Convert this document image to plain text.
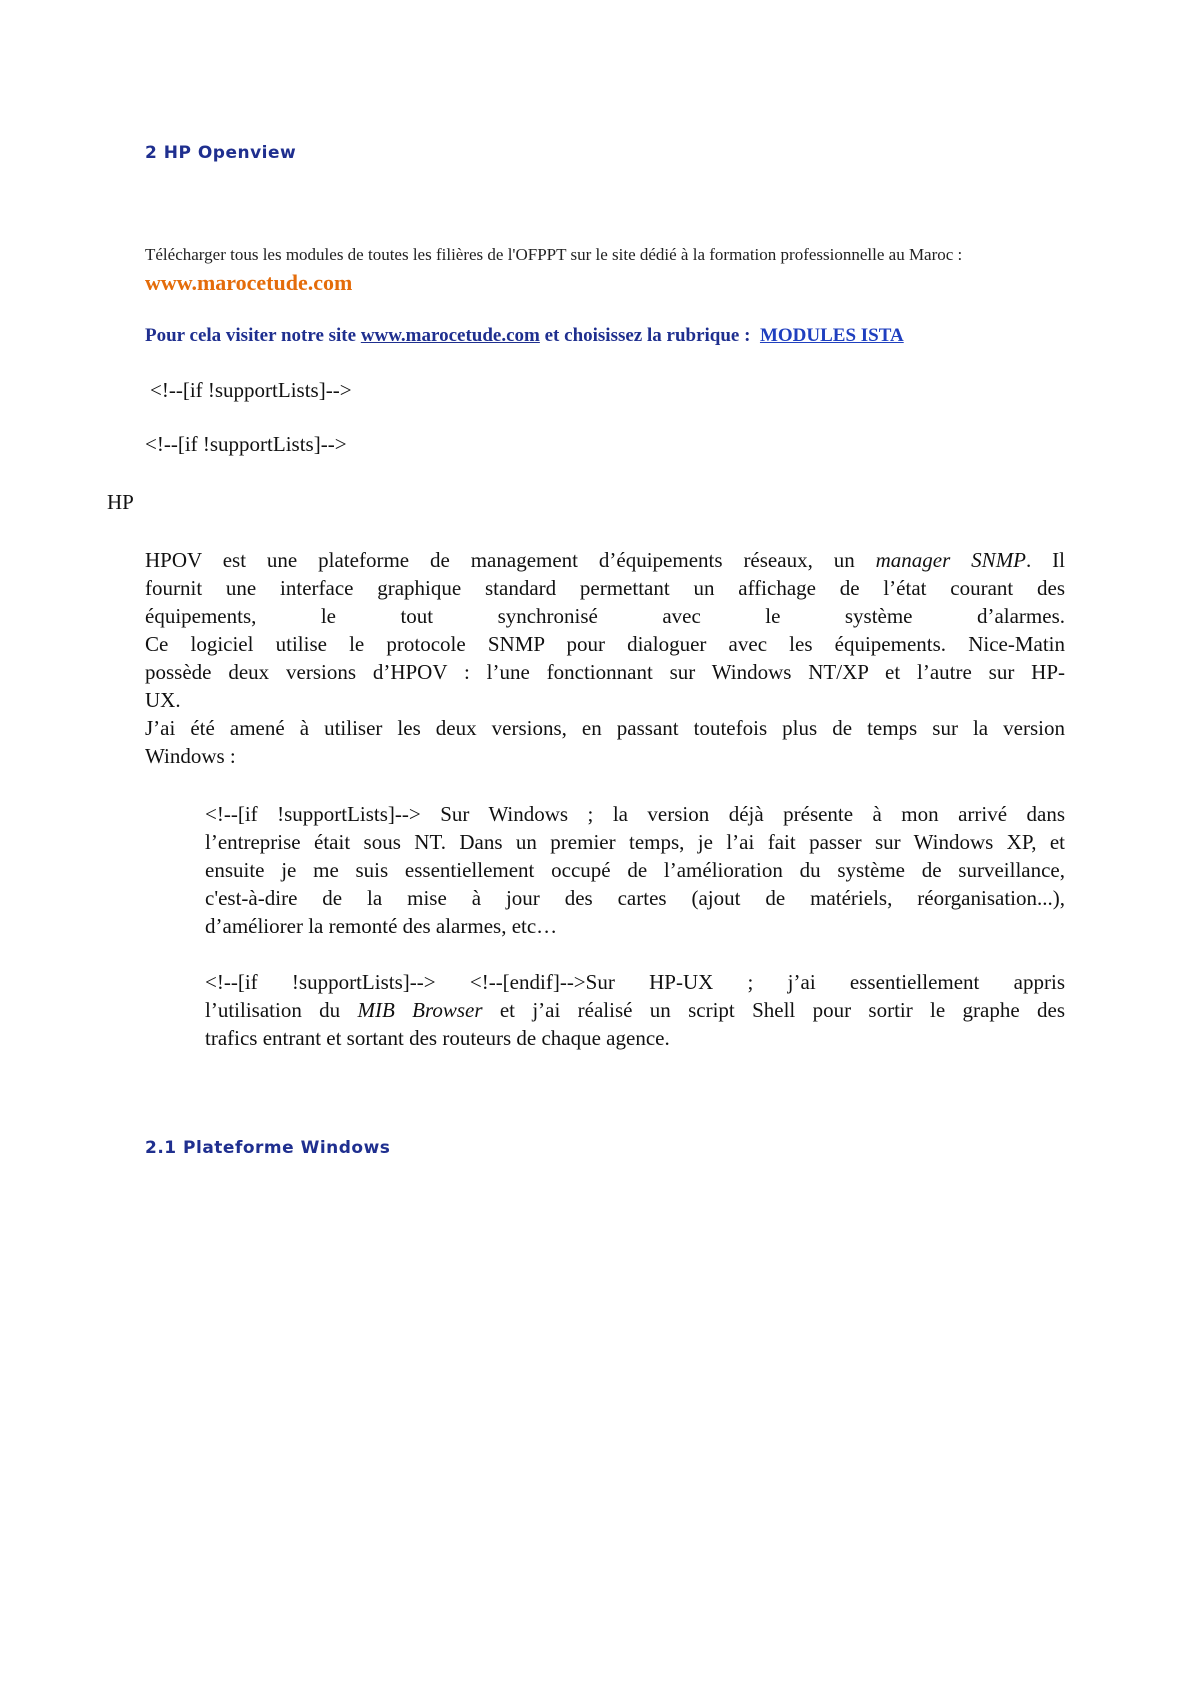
2 HP Openview
Télécharger tous les modules de toutes les filières de l'OFPPT sur le site dédié à la formation professionnelle au Maroc :
www.marocetude.com
Pour cela visiter notre site www.marocetude.com et choisissez la rubrique : MODULES ISTA
<!--[if !supportLists]-->
<!--[if !supportLists]-->
HP
HPOV est une plateforme de management d’équipements réseaux, un manager SNMP. Il
fournit une interface graphique standard permettant un affichage de l’état courant des
équipements, le tout synchronisé avec le système d’alarmes.
Ce logiciel utilise le protocole SNMP pour dialoguer avec les équipements. Nice-Matin
possède deux versions d’HPOV : l’une fonctionnant sur Windows NT/XP et l’autre sur HP-
UX.
J’ai été amené à utiliser les deux versions, en passant toutefois plus de temps sur la version
Windows :
<!--[if !supportLists]--> Sur Windows ; la version déjà présente à mon arrivé dans
l’entreprise était sous NT. Dans un premier temps, je l’ai fait passer sur Windows XP, et
ensuite je me suis essentiellement occupé de l’amélioration du système de surveillance,
c'est-à-dire de la mise à jour des cartes (ajout de matériels, réorganisation...),
d’améliorer la remonté des alarmes, etc…
<!--[if !supportLists]--> <!--[endif]-->Sur HP-UX ; j’ai essentiellement appris
l’utilisation du MIB Browser et j’ai réalisé un script Shell pour sortir le graphe des
trafics entrant et sortant des routeurs de chaque agence.
2.1 Plateforme Windows
